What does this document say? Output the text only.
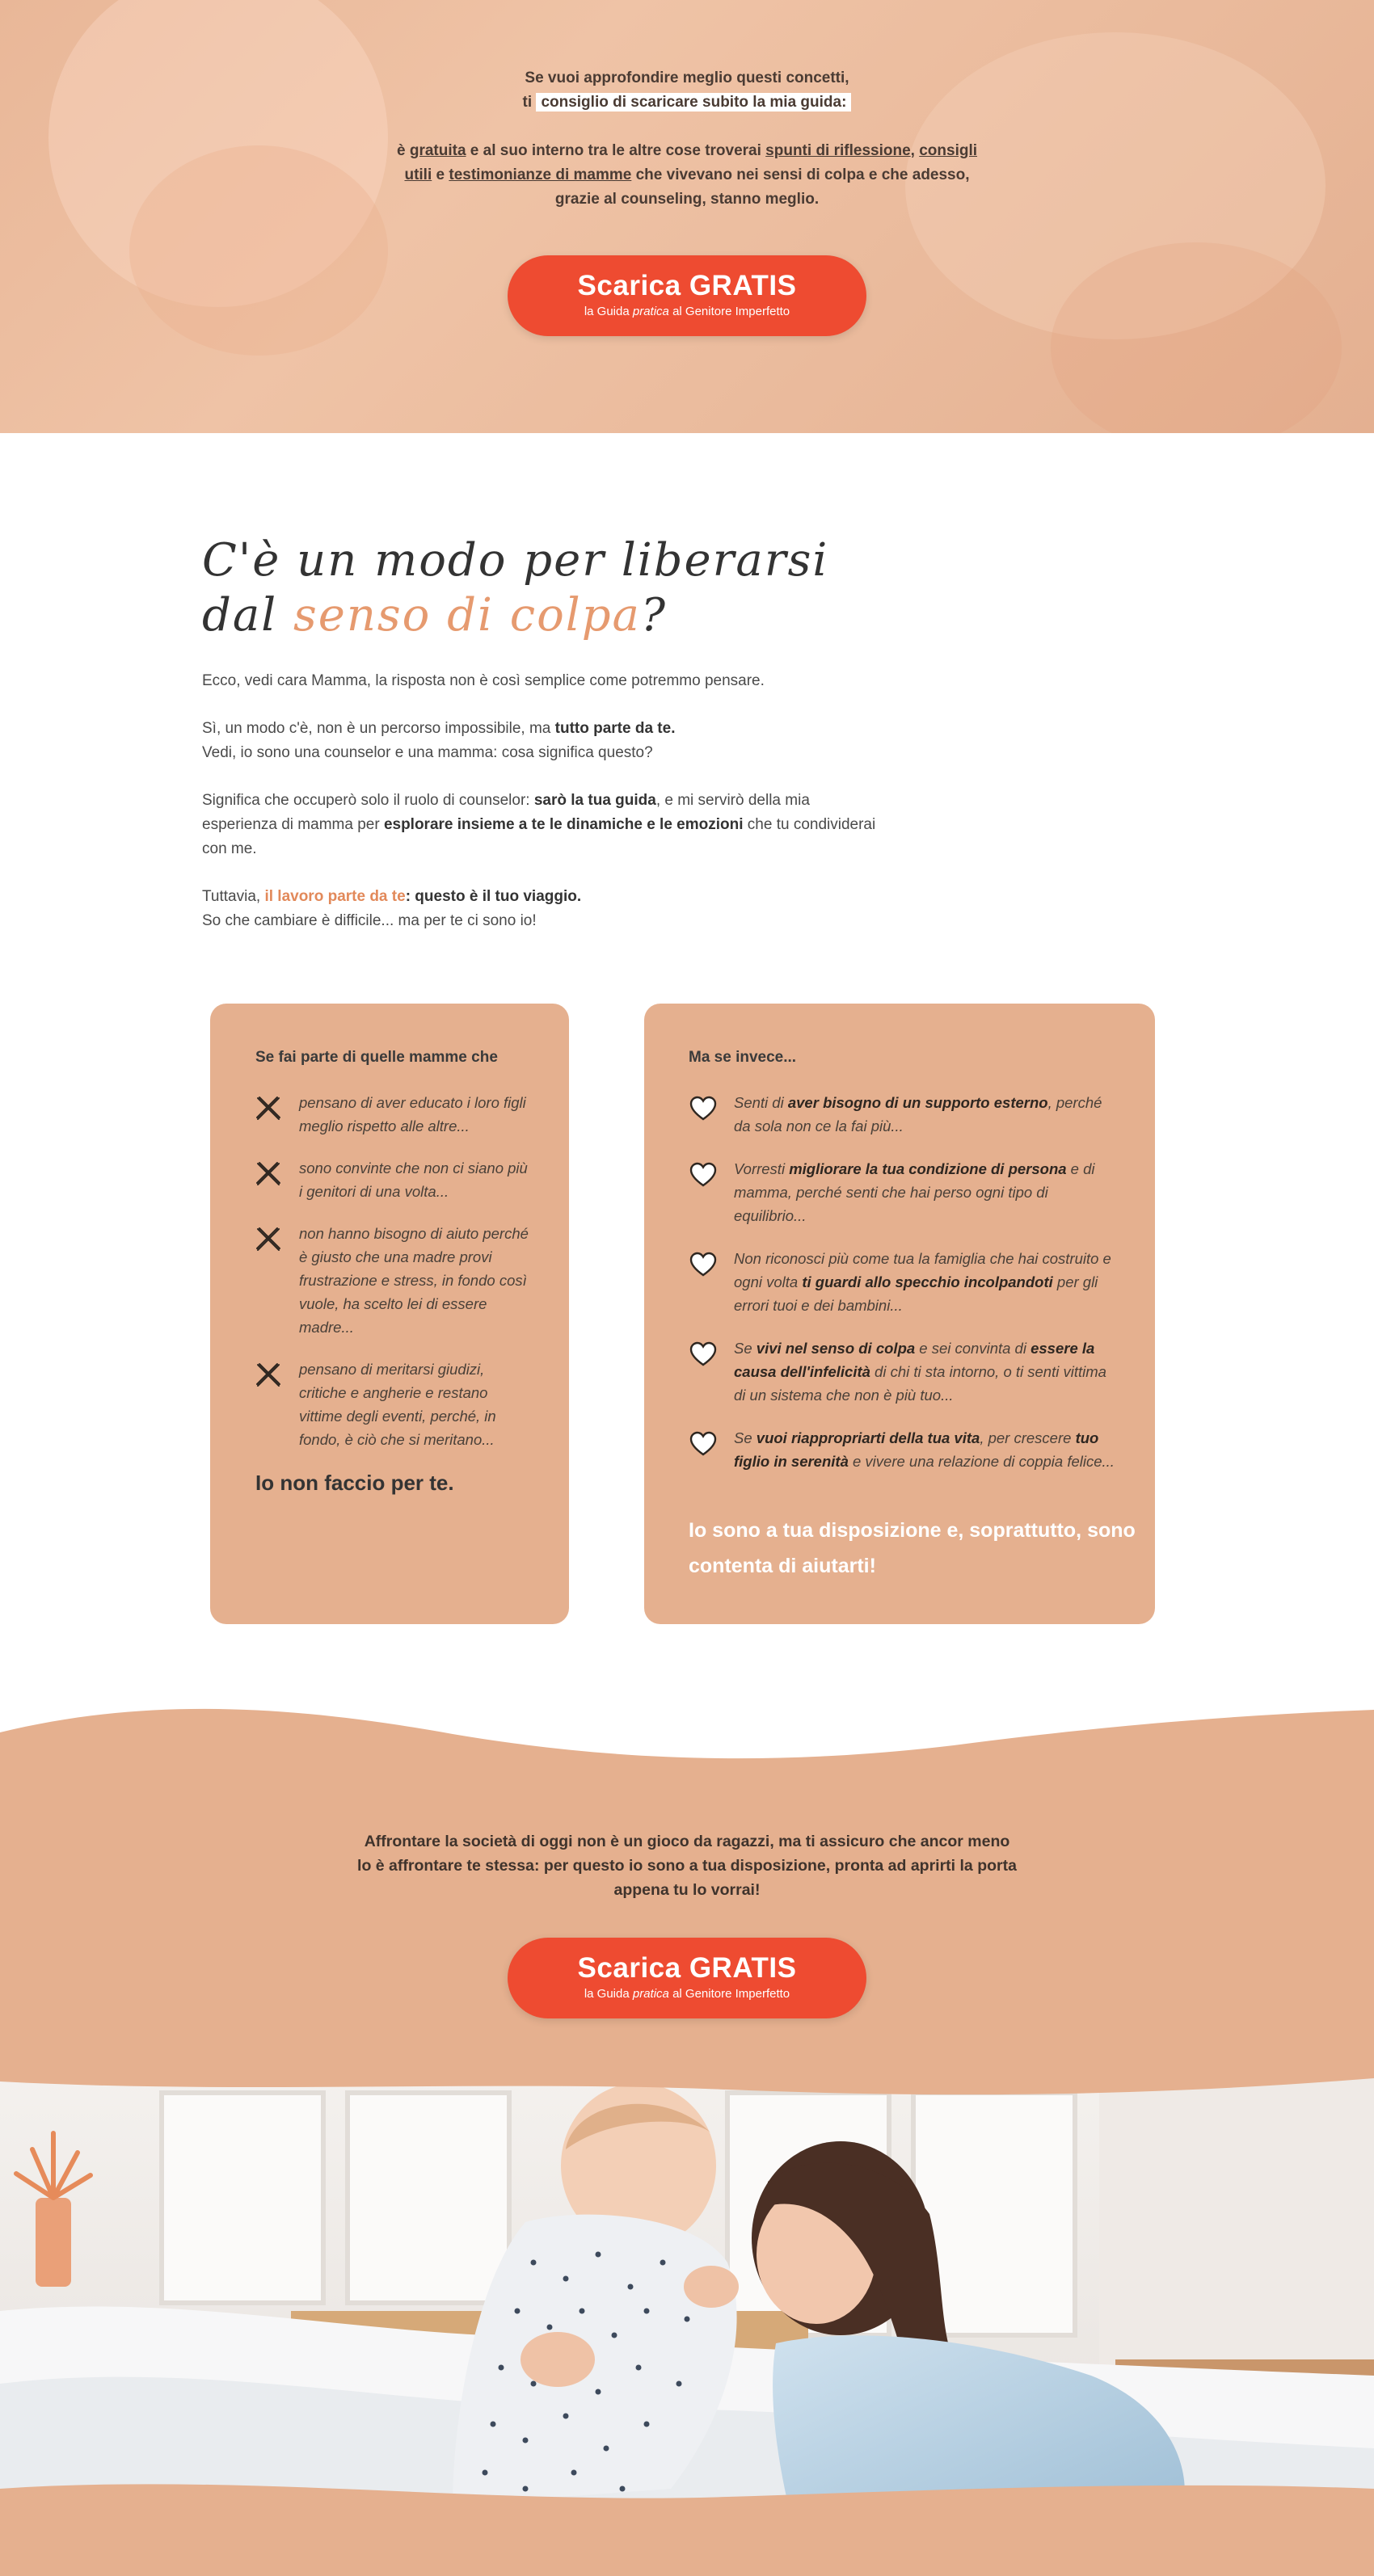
Se vuoi approfondire meglio questi concetti,
ti consiglio di scaricare subito la mia guida:
è gratuita e al suo interno tra le altre cose troverai spunti di riflessione, consigli
utili e testimonianze di mamme che vivevano nei sensi di colpa e che adesso,
grazie al counseling, stanno meglio.
Scarica GRATIS
la Guida pratica al Genitore Imperfetto
C'è un modo per liberarsi
dal senso di colpa?

Ecco, vedi cara Mamma, la risposta non è così semplice come potremmo pensare.

Sì, un modo c'è, non è un percorso impossibile, ma tutto parte da te.
Vedi, io sono una counselor e una mamma: cosa significa questo?

Significa che occuperò solo il ruolo di counselor: sarò la tua guida, e mi servirò della mia esperienza di mamma per esplorare insieme a te le dinamiche e le emozioni che tu condividerai con me.

Tuttavia, il lavoro parte da te: questo è il tuo viaggio.
So che cambiare è difficile... ma per te ci sono io!

Se fai parte di quelle mamme che
pensano di aver educato i loro figli meglio rispetto alle altre...
sono convinte che non ci siano più i genitori di una volta...
non hanno bisogno di aiuto perché è giusto che una madre provi frustrazione e stress, in fondo così vuole, ha scelto lei di essere madre...
pensano di meritarsi giudizi, critiche e angherie e restano vittime degli eventi, perché, in fondo, è ciò che si meritano...
Io non faccio per te.
Ma se invece...
Senti di aver bisogno di un supporto esterno, perché da sola non ce la fai più...
Vorresti migliorare la tua condizione di persona e di mamma, perché senti che hai perso ogni tipo di equilibrio...
Non riconosci più come tua la famiglia che hai costruito e ogni volta ti guardi allo specchio incolpandoti per gli errori tuoi e dei bambini...
Se vivi nel senso di colpa e sei convinta di essere la causa dell'infelicità di chi ti sta intorno, o ti senti vittima di un sistema che non è più tuo...
Se vuoi riappropriarti della tua vita, per crescere tuo figlio in serenità e vivere una relazione di coppia felice...
Io sono a tua disposizione e, soprattutto, sono contenta di aiutarti!
Affrontare la società di oggi non è un gioco da ragazzi, ma ti assicuro che ancor meno lo è affrontare te stessa: per questo io sono a tua disposizione, pronta ad aprirti la porta appena tu lo vorrai!
Scarica GRATIS
la Guida pratica al Genitore Imperfetto
